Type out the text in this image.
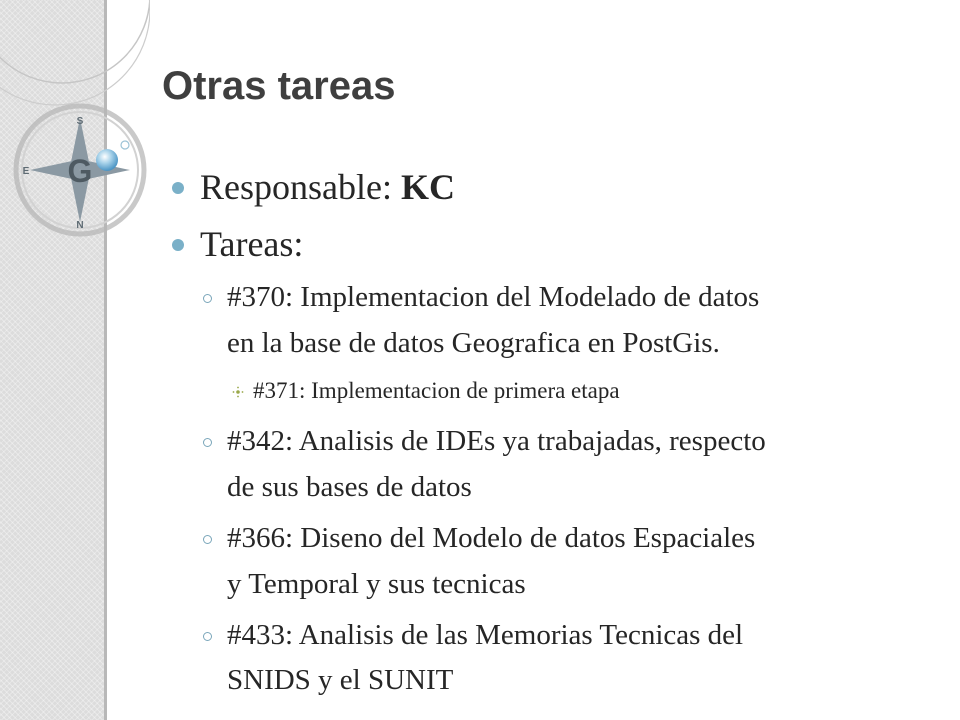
S
N
E G
Otras tareas
Responsable: KC
Tareas:
#370: Implementacion del Modelado de datos
en la base de datos Geografica en PostGis.
#371: Implementacion de primera etapa
#342: Analisis de IDEs ya trabajadas, respecto
de sus bases de datos
#366: Diseno del Modelo de datos Espaciales
y Temporal y sus tecnicas
#433: Analisis de las Memorias Tecnicas del
SNIDS y el SUNIT
